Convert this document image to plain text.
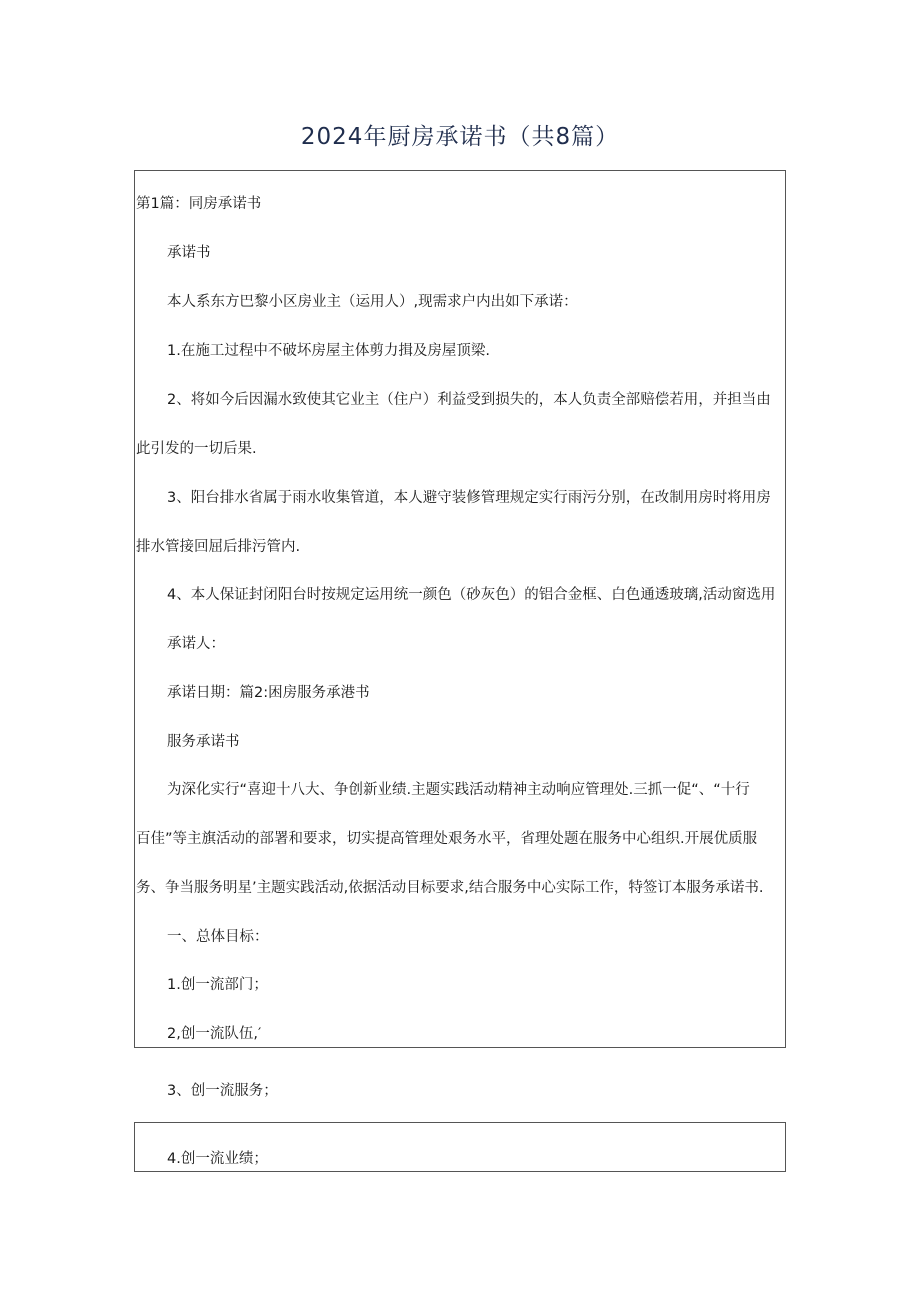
2024年厨房承诺书（共8篇）

第1篇：同房承诺书

承诺书

本人系东方巴黎小区房业主（运用人）,现需求户内出如下承诺：

1.在施工过程中不破坏房屋主体剪力揖及房屋顶梁.

2、将如今后因漏水致使其它业主（住户）利益受到损失的，本人负责全部赔偿若用，并担当由

此引发的一切后果.

3、阳台排水省属于雨水收集管道，本人避守装修管理规定实行雨污分别，在改制用房时将用房

排水管接回屈后排污管内.

4、本人保证封闭阳台时按规定运用统一颜色（砂灰色）的铝合金框、白色通透玻璃,活动窗选用

承诺人：

承诺日期：篇2:困房服务承港书

服务承诺书

为深化实行“喜迎十八大、争创新业绩.主题实践活动精神主动响应管理处.三抓一促“、“十行

百佳”等主旗活动的部署和要求，切实提高管理处艰务水平，省理处题在服务中心组织.开展优质服

务、争当服务明星’主题实践活动,依据活动目标要求,结合服务中心实际工作，特签订本服务承诺书.

一、总体目标：

1.创一流部门；

2,创一流队伍,′

3、创一流服务；

4.创一流业绩；
